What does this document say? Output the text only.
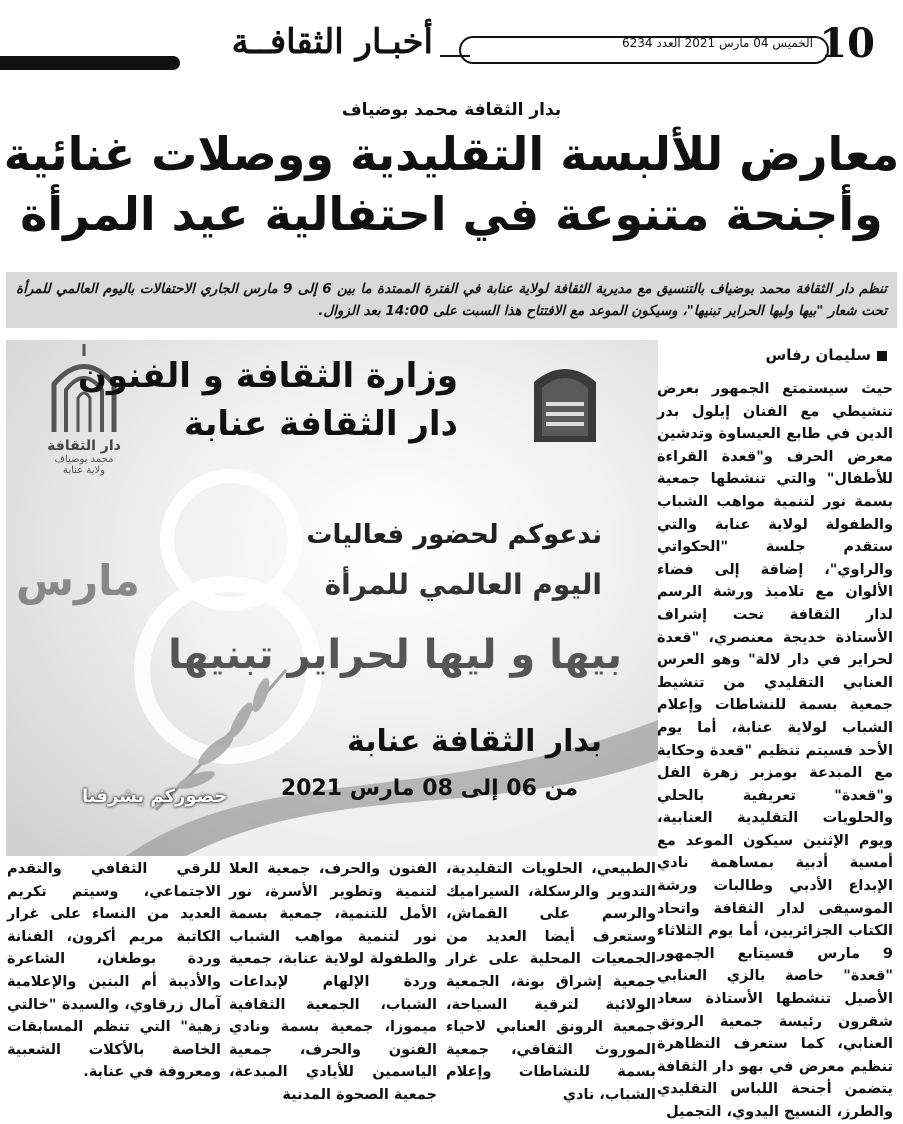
10
الخميس 04 مارس 2021 العدد 6234
أخبـار الثقافــة
بدار الثقافة محمد بوضياف
معارض للألبسة التقليدية ووصلات غنائية
وأجنحة متنوعة في احتفالية عيد المرأة
تنظم دار الثقافة محمد بوضياف بالتنسيق مع مديرية الثقافة لولاية عنابة في الفترة الممتدة ما بين 6 إلى 9 مارس الجاري الاحتفالات باليوم العالمي للمرأة تحت شعار "بيها وليها الحراير تبنيها"، وسيكون الموعد مع الافتتاح هذا السبت على 14:00 بعد الزوال.
سليمان رفاس
دار الثقافة
محمد بوضياف
ولاية عنابة
وزارة الثقافة و الفنون
دار الثقافة عنابة
مارس
ندعوكم لحضور فعاليات
اليوم العالمي للمرأة
بيها و ليها لحراير تبنيها
بدار الثقافة عنابة
من 06 إلى 08 مارس 2021
حضوركم يشرفنا
حيث سيستمتع الجمهور بعرض تنشيطي مع الفنان إيلول بدر الدين في طابع العيساوة وتدشين معرض الحرف و"قعدة القراءة للأطفال" والتي تنشطها جمعية بسمة نور لتنمية مواهب الشباب والطفولة لولاية عنابة والتي ستقدم جلسة "الحكواتي والراوي"، إضافة إلى فضاء الألوان مع تلاميذ ورشة الرسم لدار الثقافة تحت إشراف الأستاذة خديجة معنصري، "قعدة لحراير في دار لالة" وهو العرس العنابي التقليدي من تنشيط جمعية بسمة للنشاطات وإعلام الشباب لولاية عنابة، أما يوم الأحد فسيتم تنظيم "قعدة وحكاية مع المبدعة بومزبر زهرة الفل و"قعدة" تعريفية بالحلي والحلويات التقليدية العنابية، ويوم الإثنين سيكون الموعد مع أمسية أدبية بمساهمة نادي الإبداع الأدبي وطالبات ورشة الموسيقى لدار الثقافة واتحاد الكتاب الجزائريين، أما يوم الثلاثاء 9 مارس فسيتابع الجمهور "قعدة" خاصة بالزي العنابي الأصيل تنشطها الأستاذة سعاد شقرون رئيسة جمعية الرونق العنابي، كما ستعرف التظاهرة تنظيم معرض في بهو دار الثقافة يتضمن أجنحة اللباس التقليدي والطرز، النسيج اليدوي، التجميل
الطبيعي، الحلويات التقليدية، التدوير والرسكلة، السيراميك والرسم على القماش، وستعرف أيضا العديد من الجمعيات المحلية على غرار جمعية إشراق بونة، الجمعية الولائية لترقية السياحة، جمعية الرونق العنابي لاحياء الموروث الثقافي، جمعية بسمة للنشاطات وإعلام الشباب، نادي
الفنون والحرف، جمعية العلا لتنمية وتطوير الأسرة، نور الأمل للتنمية، جمعية بسمة نور لتنمية مواهب الشباب والطفولة لولاية عنابة، جمعية وردة الإلهام لإبداعات الشباب، الجمعية الثقافية ميموزا، جمعية بسمة ونادي الفنون والحرف، جمعية الياسمين للأيادي المبدعة، جمعية الصحوة المدنية
للرقي الثقافي والتقدم الاجتماعي، وسيتم تكريم العديد من النساء على غرار الكاتبة مريم أكرون، الفنانة وردة بوطغان، الشاعرة والأديبة أم البنين والإعلامية آمال زرقاوي، والسيدة "خالتي زهية" التي تنظم المسابقات الخاصة بالأكلات الشعبية ومعروفة في عنابة.
